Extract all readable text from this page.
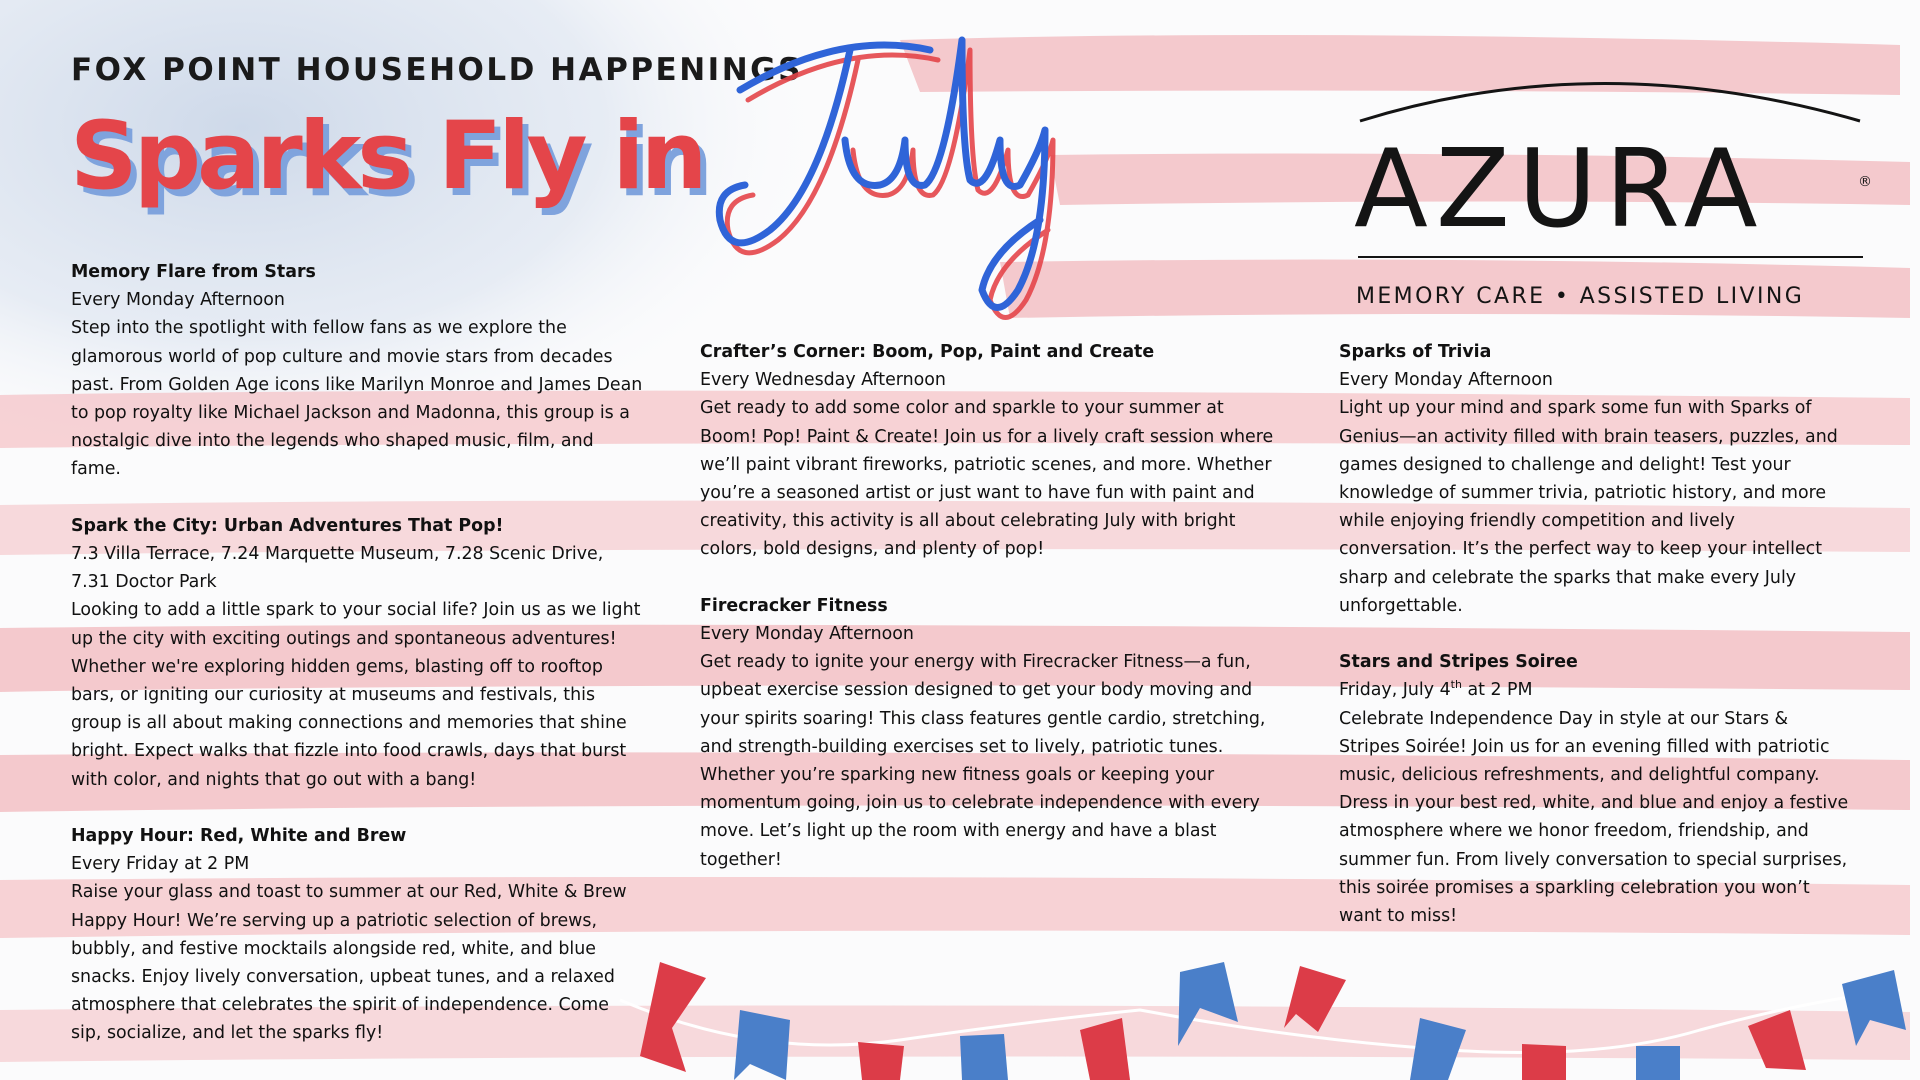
FOX POINT HOUSEHOLD HAPPENINGS
Sparks Fly in
July
AZURA	®
MEMORY CARE • ASSISTED LIVING
Memory Flare from Stars
Every Monday Afternoon
Step into the spotlight with fellow fans as we explore the glamorous world of pop culture and movie stars from decades past. From Golden Age icons like Marilyn Monroe and James Dean to pop royalty like Michael Jackson and Madonna, this group is a nostalgic dive into the legends who shaped music, film, and fame.
Spark the City: Urban Adventures That Pop!
7.3 Villa Terrace, 7.24 Marquette Museum, 7.28 Scenic Drive, 7.31 Doctor Park
Looking to add a little spark to your social life? Join us as we light up the city with exciting outings and spontaneous adventures! Whether we're exploring hidden gems, blasting off to rooftop bars, or igniting our curiosity at museums and festivals, this group is all about making connections and memories that shine bright. Expect walks that fizzle into food crawls, days that burst with color, and nights that go out with a bang!
Happy Hour: Red, White and Brew
Every Friday at 2 PM
Raise your glass and toast to summer at our Red, White & Brew Happy Hour! We’re serving up a patriotic selection of brews, bubbly, and festive mocktails alongside red, white, and blue snacks. Enjoy lively conversation, upbeat tunes, and a relaxed atmosphere that celebrates the spirit of independence. Come sip, socialize, and let the sparks fly!
Crafter’s Corner: Boom, Pop, Paint and Create
Every Wednesday Afternoon
Get ready to add some color and sparkle to your summer at Boom! Pop! Paint & Create! Join us for a lively craft session where we’ll paint vibrant fireworks, patriotic scenes, and more. Whether you’re a seasoned artist or just want to have fun with paint and creativity, this activity is all about celebrating July with bright colors, bold designs, and plenty of pop!
Firecracker Fitness
Every Monday Afternoon
Get ready to ignite your energy with Firecracker Fitness—a fun, upbeat exercise session designed to get your body moving and your spirits soaring! This class features gentle cardio, stretching, and strength-building exercises set to lively, patriotic tunes. Whether you’re sparking new fitness goals or keeping your momentum going, join us to celebrate independence with every move. Let’s light up the room with energy and have a blast together!
Sparks of Trivia
Every Monday Afternoon
Light up your mind and spark some fun with Sparks of Genius—an activity filled with brain teasers, puzzles, and games designed to challenge and delight! Test your knowledge of summer trivia, patriotic history, and more while enjoying friendly competition and lively conversation. It’s the perfect way to keep your intellect sharp and celebrate the sparks that make every July unforgettable.
Stars and Stripes Soiree
Friday, July 4th at 2 PM
Celebrate Independence Day in style at our Stars & Stripes Soirée! Join us for an evening filled with patriotic music, delicious refreshments, and delightful company. Dress in your best red, white, and blue and enjoy a festive atmosphere where we honor freedom, friendship, and summer fun. From lively conversation to special surprises, this soirée promises a sparkling celebration you won’t want to miss!
